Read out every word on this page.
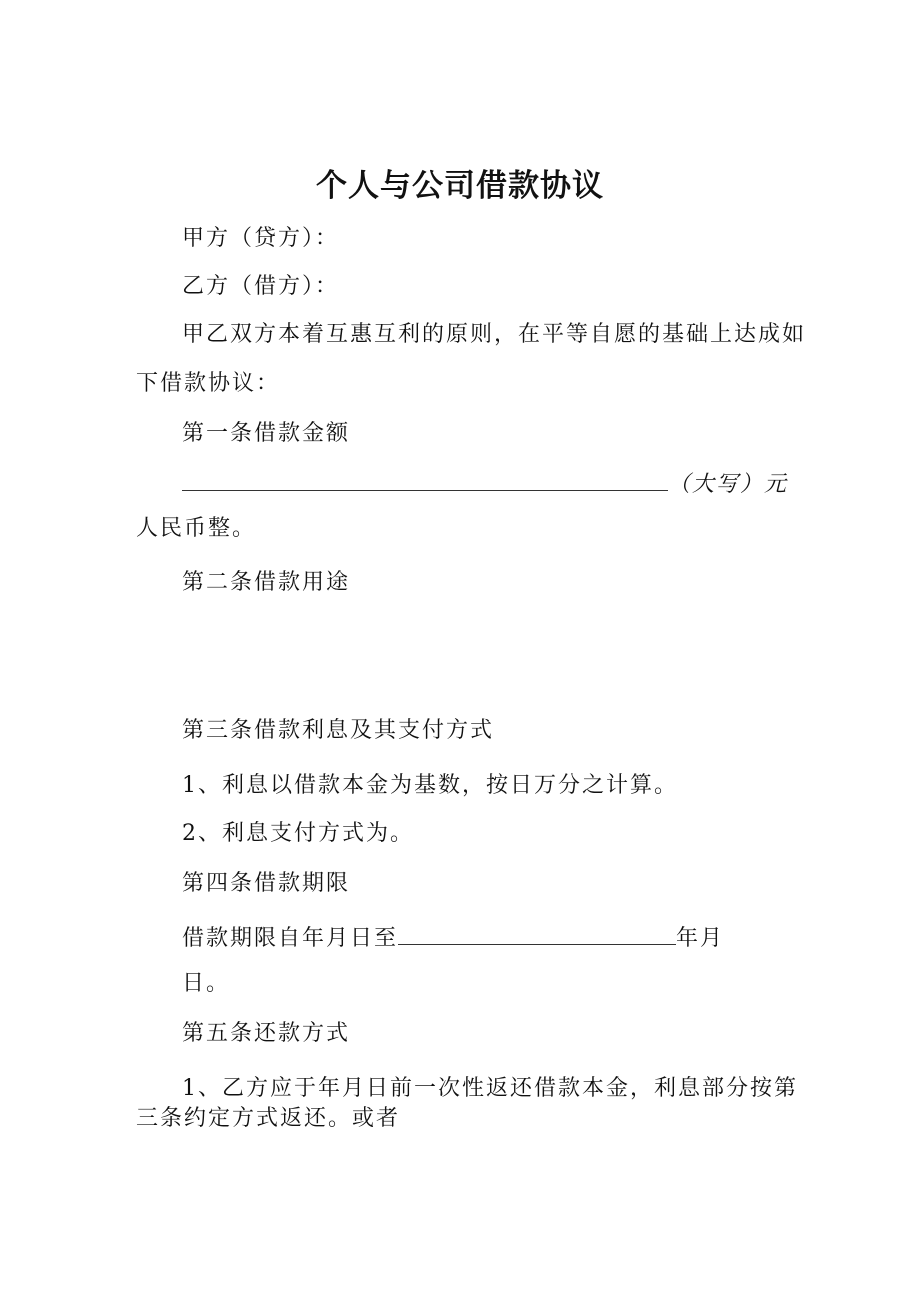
个人与公司借款协议
甲方（贷方）：
乙方（借方）：
甲乙双方本着互惠互利的原则，在平等自愿的基础上达成如
下借款协议：
第一条借款金额
（大写）元
人民币整。
第二条借款用途
第三条借款利息及其支付方式
1、利息以借款本金为基数，按日万分之计算。
2、利息支付方式为。
第四条借款期限
借款期限自年月日至	年月
日。
第五条还款方式
1、乙方应于年月日前一次性返还借款本金，利息部分按第
三条约定方式返还。或者
